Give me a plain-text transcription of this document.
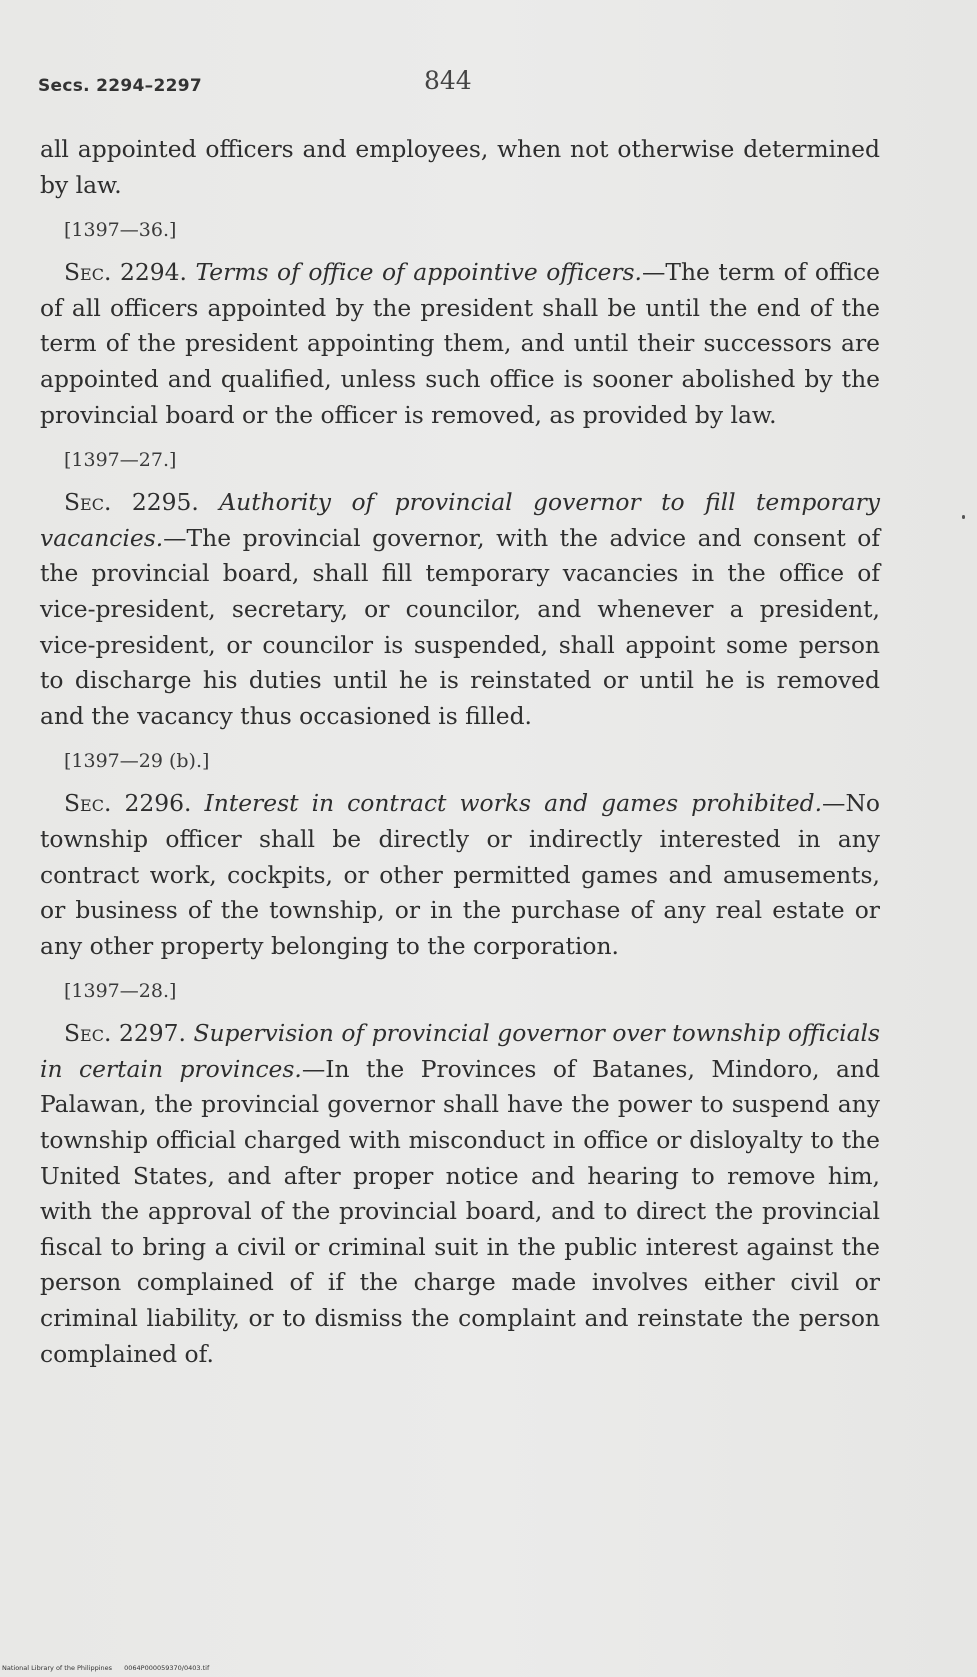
Secs. 2294–2297	844

all appointed officers and employees, when not otherwise determined by law.

[1397—36.]

Sec. 2294. Terms of office of appointive officers.—The term of office of all officers appointed by the president shall be until the end of the term of the president appointing them, and until their successors are appointed and qualified, unless such office is sooner abolished by the provincial board or the officer is removed, as provided by law.

[1397—27.]

Sec. 2295. Authority of provincial governor to fill temporary vacancies.—The provincial governor, with the advice and consent of the provincial board, shall fill temporary vacancies in the office of vice-president, secretary, or councilor, and whenever a president, vice-president, or councilor is suspended, shall appoint some person to discharge his duties until he is reinstated or until he is removed and the vacancy thus occasioned is filled.

[1397—29 (b).]

Sec. 2296. Interest in contract works and games prohibited.—No township officer shall be directly or indirectly interested in any contract work, cockpits, or other permitted games and amusements, or business of the township, or in the purchase of any real estate or any other property belonging to the corporation.

[1397—28.]

Sec. 2297. Supervision of provincial governor over township officials in certain provinces.—In the Provinces of Batanes, Mindoro, and Palawan, the provincial governor shall have the power to suspend any township official charged with misconduct in office or disloyalty to the United States, and after proper notice and hearing to remove him, with the approval of the provincial board, and to direct the provincial fiscal to bring a civil or criminal suit in the public interest against the person complained of if the charge made involves either civil or criminal liability, or to dismiss the complaint and reinstate the person complained of.

National Library of the Philippines 0064P000059370/0403.tif
